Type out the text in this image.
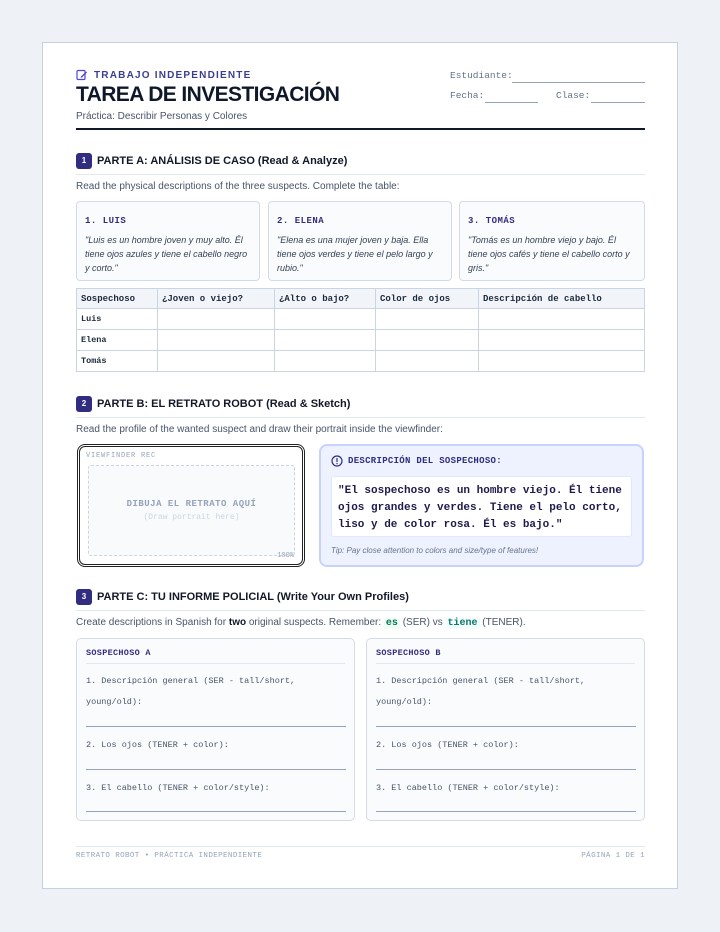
TRABAJO INDEPENDIENTE
TAREA DE INVESTIGACIÓN
Práctica: Describir Personas y Colores
Estudiante:
Fecha:	Clase:
1 PARTE A: ANÁLISIS DE CASO (Read & Analyze)
Read the physical descriptions of the three suspects. Complete the table:
1. LUIS
"Luis es un hombre joven y muy alto. Él tiene ojos azules y tiene el cabello negro y corto."
2. ELENA
"Elena es una mujer joven y baja. Ella tiene ojos verdes y tiene el pelo largo y rubio."
3. TOMÁS
"Tomás es un hombre viejo y bajo. Él tiene ojos cafés y tiene el cabello corto y gris."
Sospechoso	¿Joven o viejo?	¿Alto o bajo?	Color de ojos	Descripción de cabello
Luis				
Elena				
Tomás				
2 PARTE B: EL RETRATO ROBOT (Read & Sketch)
Read the profile of the wanted suspect and draw their portrait inside the viewfinder:
VIEWFINDER REC
DIBUJA EL RETRATO AQUÍ
(Draw portrait here)
100%
DESCRIPCIÓN DEL SOSPECHOSO:
"El sospechoso es un hombre viejo. Él tiene ojos grandes y verdes. Tiene el pelo corto, liso y de color rosa. Él es bajo."
Tip: Pay close attention to colors and size/type of features!
3 PARTE C: TU INFORME POLICIAL (Write Your Own Profiles)
Create descriptions in Spanish for two original suspects. Remember: es (SER) vs tiene (TENER).
SOSPECHOSO A
1. Descripción general (SER - tall/short, young/old):
2. Los ojos (TENER + color):
3. El cabello (TENER + color/style):
SOSPECHOSO B
1. Descripción general (SER - tall/short, young/old):
2. Los ojos (TENER + color):
3. El cabello (TENER + color/style):
RETRATO ROBOT • PRÁCTICA INDEPENDIENTE	PÁGINA 1 DE 1
